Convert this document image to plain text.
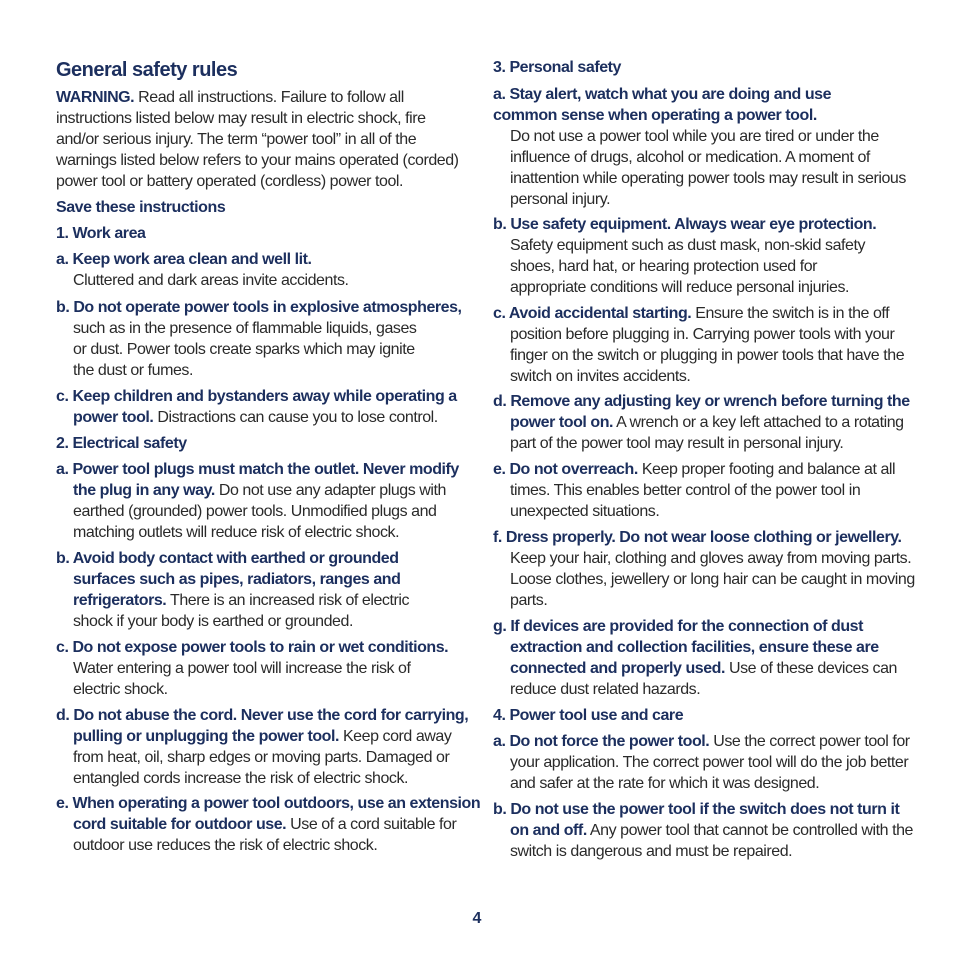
General safety rules

WARNING. Read all instructions. Failure to follow all instructions listed below may result in electric shock, fire and/or serious injury. The term “power tool” in all of the warnings listed below refers to your mains operated (corded) power tool or battery operated (cordless) power tool.

Save these instructions

1. Work area

a. Keep work area clean and well lit.
Cluttered and dark areas invite accidents.

b. Do not operate power tools in explosive atmospheres,
such as in the presence of flammable liquids, gases or dust. Power tools create sparks which may ignite the dust or fumes.

c. Keep children and bystanders away while operating a power tool. Distractions can cause you to lose control.

2. Electrical safety

a. Power tool plugs must match the outlet. Never modify the plug in any way. Do not use any adapter plugs with earthed (grounded) power tools. Unmodified plugs and matching outlets will reduce risk of electric shock.

b. Avoid body contact with earthed or grounded surfaces such as pipes, radiators, ranges and refrigerators. There is an increased risk of electric shock if your body is earthed or grounded.

c. Do not expose power tools to rain or wet conditions.
Water entering a power tool will increase the risk of electric shock.

d. Do not abuse the cord. Never use the cord for carrying, pulling or unplugging the power tool. Keep cord away from heat, oil, sharp edges or moving parts. Damaged or entangled cords increase the risk of electric shock.

e. When operating a power tool outdoors, use an extension cord suitable for outdoor use. Use of a cord suitable for outdoor use reduces the risk of electric shock.

3. Personal safety

a. Stay alert, watch what you are doing and use common sense when operating a power tool.
Do not use a power tool while you are tired or under the influence of drugs, alcohol or medication. A moment of inattention while operating power tools may result in serious personal injury.

b. Use safety equipment. Always wear eye protection.
Safety equipment such as dust mask, non-skid safety shoes, hard hat, or hearing protection used for appropriate conditions will reduce personal injuries.

c. Avoid accidental starting. Ensure the switch is in the off position before plugging in. Carrying power tools with your finger on the switch or plugging in power tools that have the switch on invites accidents.

d. Remove any adjusting key or wrench before turning the power tool on. A wrench or a key left attached to a rotating part of the power tool may result in personal injury.

e. Do not overreach. Keep proper footing and balance at all times. This enables better control of the power tool in unexpected situations.

f. Dress properly. Do not wear loose clothing or jewellery. Keep your hair, clothing and gloves away from moving parts. Loose clothes, jewellery or long hair can be caught in moving parts.

g. If devices are provided for the connection of dust extraction and collection facilities, ensure these are connected and properly used. Use of these devices can reduce dust related hazards.

4. Power tool use and care

a. Do not force the power tool. Use the correct power tool for your application. The correct power tool will do the job better and safer at the rate for which it was designed.

b. Do not use the power tool if the switch does not turn it on and off. Any power tool that cannot be controlled with the switch is dangerous and must be repaired.

4
